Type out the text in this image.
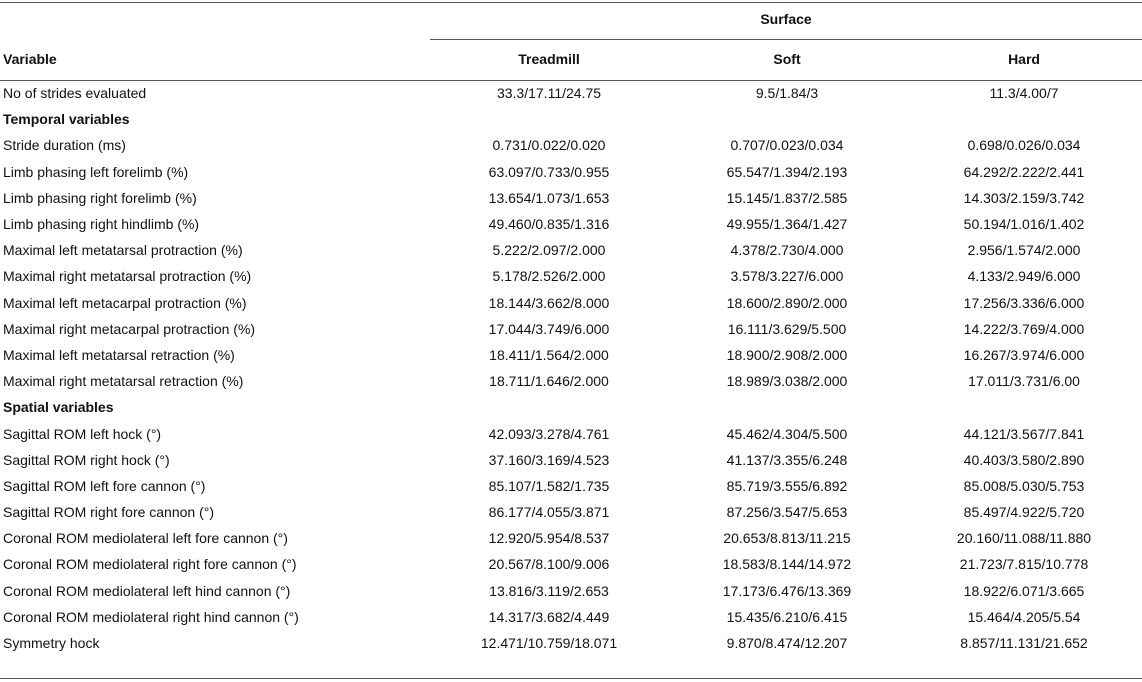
	Surface		
Variable	Treadmill	Soft	Hard
No of strides evaluated	33.3/17.11/24.75	9.5/1.84/3	11.3/4.00/7
Temporal variables			
Stride duration (ms)	0.731/0.022/0.020	0.707/0.023/0.034	0.698/0.026/0.034
Limb phasing left forelimb (%)	63.097/0.733/0.955	65.547/1.394/2.193	64.292/2.222/2.441
Limb phasing right forelimb (%)	13.654/1.073/1.653	15.145/1.837/2.585	14.303/2.159/3.742
Limb phasing right hindlimb (%)	49.460/0.835/1.316	49.955/1.364/1.427	50.194/1.016/1.402
Maximal left metatarsal protraction (%)	5.222/2.097/2.000	4.378/2.730/4.000	2.956/1.574/2.000
Maximal right metatarsal protraction (%)	5.178/2.526/2.000	3.578/3.227/6.000	4.133/2.949/6.000
Maximal left metacarpal protraction (%)	18.144/3.662/8.000	18.600/2.890/2.000	17.256/3.336/6.000
Maximal right metacarpal protraction (%)	17.044/3.749/6.000	16.111/3.629/5.500	14.222/3.769/4.000
Maximal left metatarsal retraction (%)	18.411/1.564/2.000	18.900/2.908/2.000	16.267/3.974/6.000
Maximal right metatarsal retraction (%)	18.711/1.646/2.000	18.989/3.038/2.000	17.011/3.731/6.00
Spatial variables			
Sagittal ROM left hock (°)	42.093/3.278/4.761	45.462/4.304/5.500	44.121/3.567/7.841
Sagittal ROM right hock (°)	37.160/3.169/4.523	41.137/3.355/6.248	40.403/3.580/2.890
Sagittal ROM left fore cannon (°)	85.107/1.582/1.735	85.719/3.555/6.892	85.008/5.030/5.753
Sagittal ROM right fore cannon (°)	86.177/4.055/3.871	87.256/3.547/5.653	85.497/4.922/5.720
Coronal ROM mediolateral left fore cannon (°)	12.920/5.954/8.537	20.653/8.813/11.215	20.160/11.088/11.880
Coronal ROM mediolateral right fore cannon (°)	20.567/8.100/9.006	18.583/8.144/14.972	21.723/7.815/10.778
Coronal ROM mediolateral left hind cannon (°)	13.816/3.119/2.653	17.173/6.476/13.369	18.922/6.071/3.665
Coronal ROM mediolateral right hind cannon (°)	14.317/3.682/4.449	15.435/6.210/6.415	15.464/4.205/5.54
Symmetry hock	12.471/10.759/18.071	9.870/8.474/12.207	8.857/11.131/21.652
